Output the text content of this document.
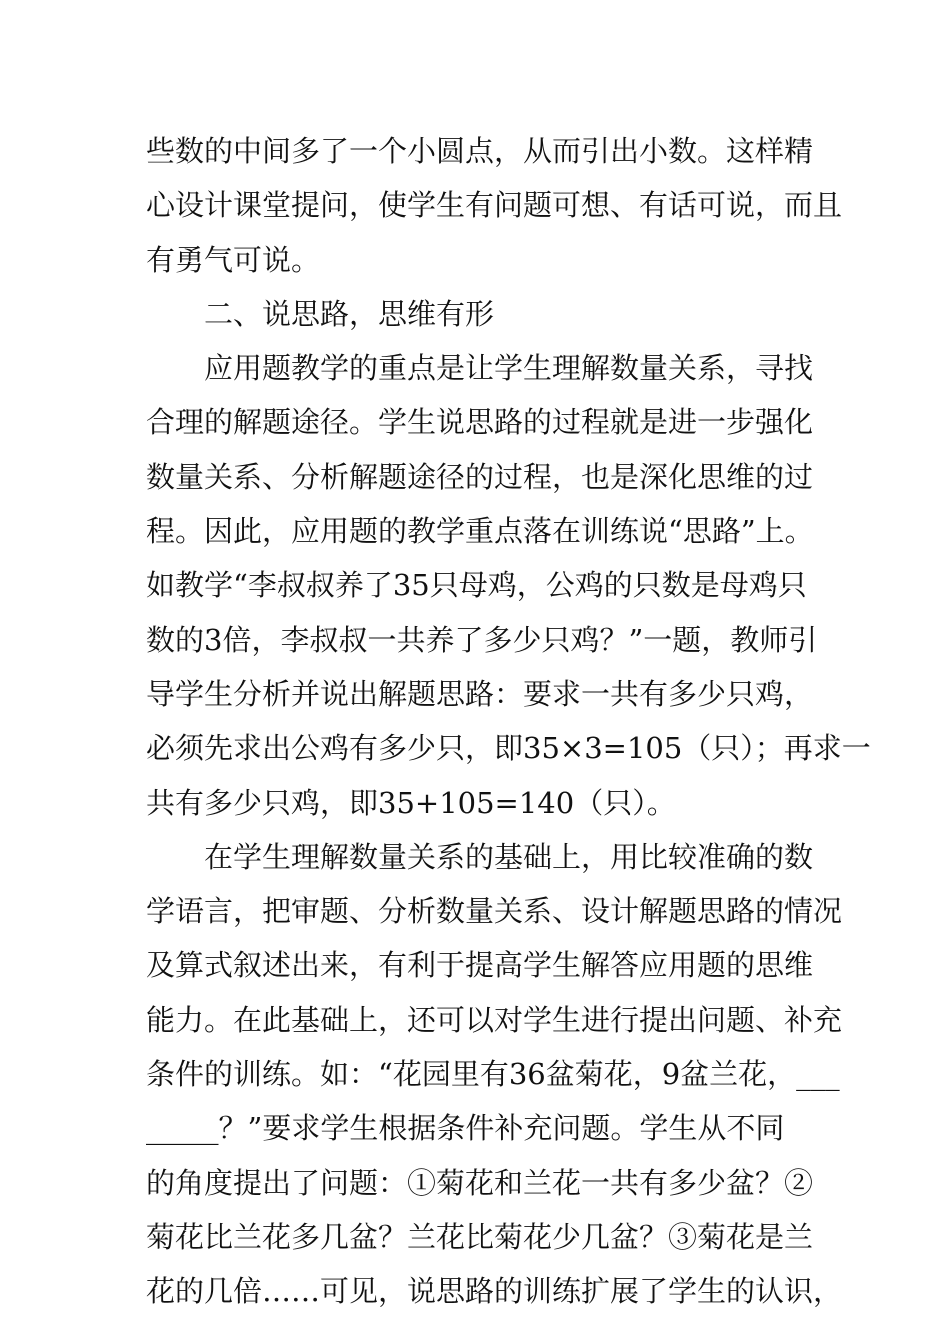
些数的中间多了一个小圆点，从而引出小数。这样精
心设计课堂提问，使学生有问题可想、有话可说，而且
有勇气可说。
二、说思路，思维有形
应用题教学的重点是让学生理解数量关系，寻找
合理的解题途径。学生说思路的过程就是进一步强化
数量关系、分析解题途径的过程，也是深化思维的过
程。因此，应用题的教学重点落在训练说“思路”上。
如教学“李叔叔养了35只母鸡，公鸡的只数是母鸡只
数的3倍，李叔叔一共养了多少只鸡？”一题，教师引
导学生分析并说出解题思路：要求一共有多少只鸡，
必须先求出公鸡有多少只，即35×3=105（只）；再求一
共有多少只鸡，即35+105=140（只）。
在学生理解数量关系的基础上，用比较准确的数
学语言，把审题、分析数量关系、设计解题思路的情况
及算式叙述出来，有利于提高学生解答应用题的思维
能力。在此基础上，还可以对学生进行提出问题、补充
条件的训练。如：“花园里有36盆菊花，9盆兰花，___
_____？”要求学生根据条件补充问题。学生从不同
的角度提出了问题：①菊花和兰花一共有多少盆？②
菊花比兰花多几盆？兰花比菊花少几盆？③菊花是兰
花的几倍……可见，说思路的训练扩展了学生的认识，
